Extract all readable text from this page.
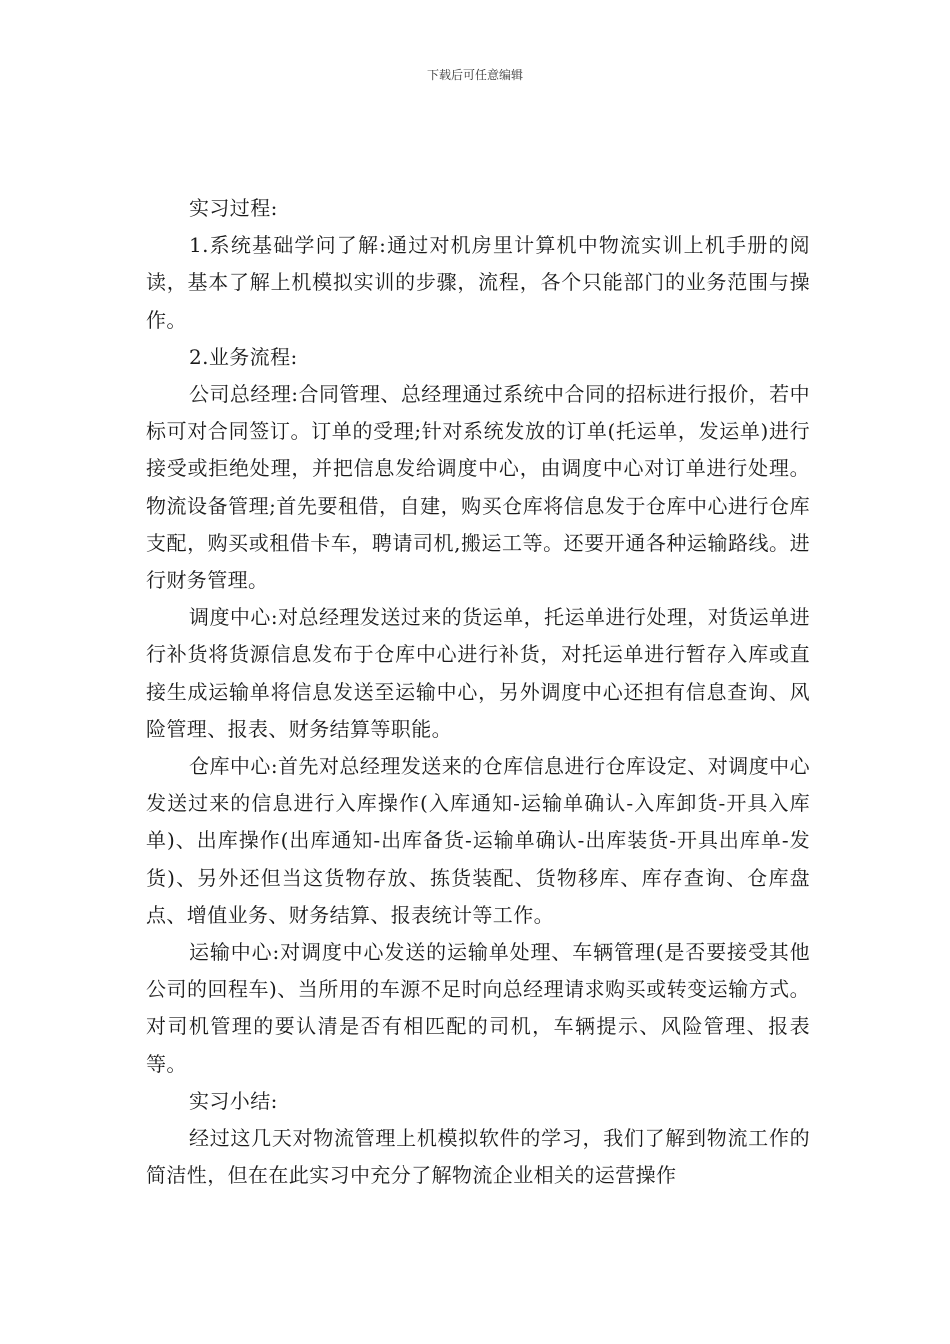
下载后可任意编辑

实习过程:

1.系统基础学问了解:通过对机房里计算机中物流实训上机手册的阅读，基本了解上机模拟实训的步骤，流程，各个只能部门的业务范围与操作。

2.业务流程:

公司总经理:合同管理、总经理通过系统中合同的招标进行报价，若中标可对合同签订。订单的受理;针对系统发放的订单(托运单，发运单)进行接受或拒绝处理，并把信息发给调度中心，由调度中心对订单进行处理。物流设备管理;首先要租借，自建，购买仓库将信息发于仓库中心进行仓库支配，购买或租借卡车，聘请司机,搬运工等。还要开通各种运输路线。进行财务管理。

调度中心:对总经理发送过来的货运单，托运单进行处理，对货运单进行补货将货源信息发布于仓库中心进行补货，对托运单进行暂存入库或直接生成运输单将信息发送至运输中心，另外调度中心还担有信息查询、风险管理、报表、财务结算等职能。

仓库中心:首先对总经理发送来的仓库信息进行仓库设定、对调度中心发送过来的信息进行入库操作(入库通知-运输单确认-入库卸货-开具入库单)、出库操作(出库通知-出库备货-运输单确认-出库装货-开具出库单-发货)、另外还但当这货物存放、拣货装配、货物移库、库存查询、仓库盘点、增值业务、财务结算、报表统计等工作。

运输中心:对调度中心发送的运输单处理、车辆管理(是否要接受其他公司的回程车)、当所用的车源不足时向总经理请求购买或转变运输方式。对司机管理的要认清是否有相匹配的司机，车辆提示、风险管理、报表等。

实习小结:

经过这几天对物流管理上机模拟软件的学习，我们了解到物流工作的简洁性，但在在此实习中充分了解物流企业相关的运营操作
